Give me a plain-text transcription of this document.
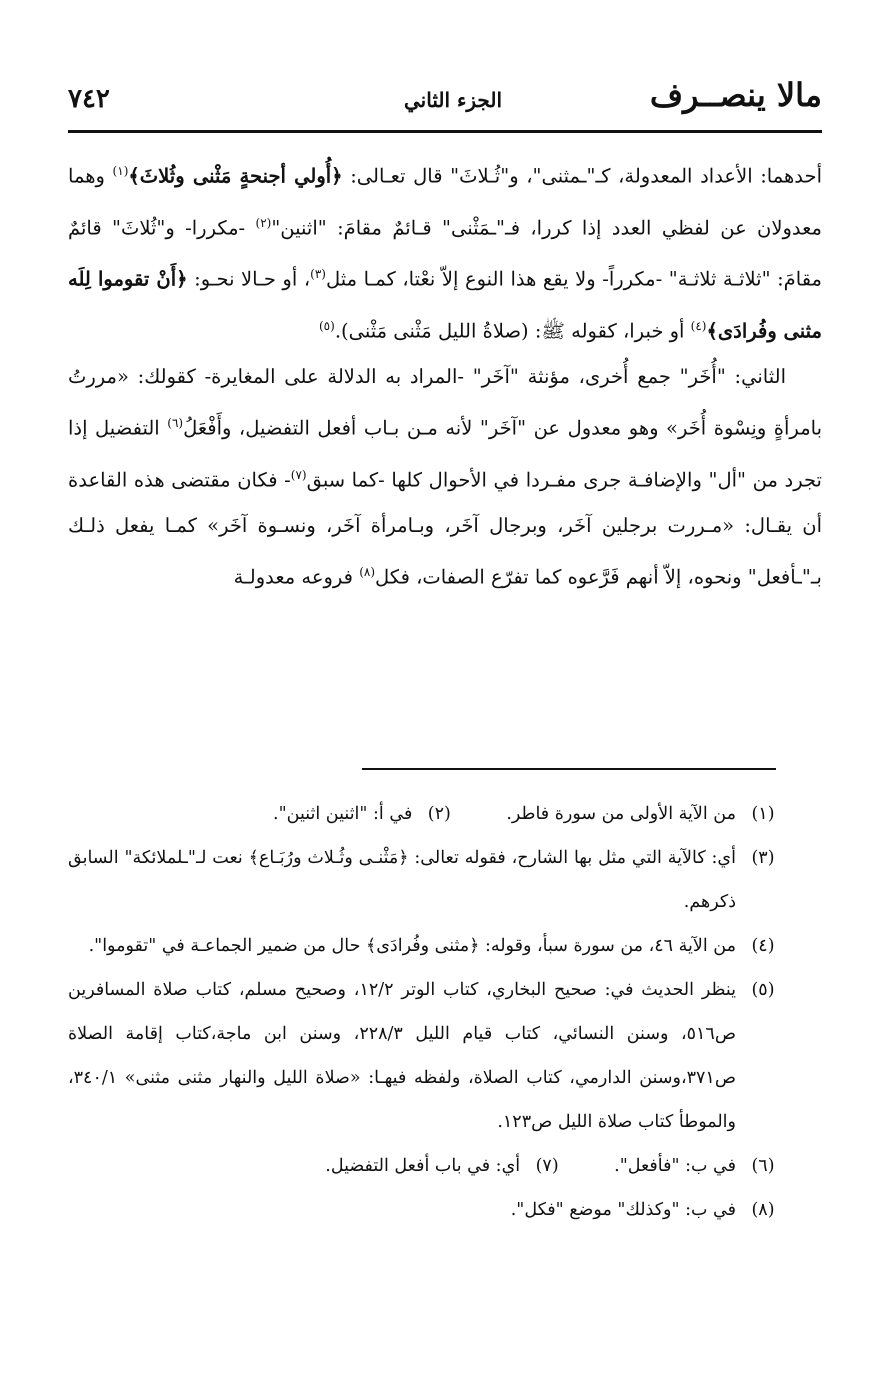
مالا ينصــرف
الجزء الثاني
٧٤٢

أحدهما: الأعداد المعدولة، كـ"ـمثنى"، و"ثُـلاثَ" قال تعـالى: ﴿أُولي أجنحةٍ مَثْنى وثُلاثَ﴾$^{(١)}$ وهما معدولان عن لفظي العدد إذا كررا، فـ"ـمَثْنى" قـائمٌ مقامَ: "اثنين"$^{(٢)}$ -مكررا- و"ثُلاثَ" قائمٌ مقامَ: "ثلاثـة ثلاثـة" -مكرراً- ولا يقع هذا النوع إلاّ نعْتا، كمـا مثل$^{(٣)}$، أو حـالا نحـو: ﴿أَنْ تقوموا لِلَه مثنى وفُرادَى﴾$^{(٤)}$ أو خبرا، كقوله ﷺ: (صلاةُ الليل مَثْنى مَثْنى).$^{(٥)}$

الثاني: "أُخَر" جمع أُخرى، مؤنثة "آخَر" -المراد به الدلالة على المغايرة- كقولك: «مررتُ بامرأةٍ ونِسْوة أُخَر» وهو معدول عن "آخَر" لأنه مـن بـاب أفعل التفضيل، وأَفْعَلُ$^{(٦)}$ التفضيل إذا تجرد من "أل" والإضافـة جرى مفـردا في الأحوال كلها -كما سبق$^{(٧)}$- فكان مقتضى هذه القاعدة أن يقـال: «مـررت برجلين آخَر، وبرجال آخَر، وبـامرأة آخَر، ونسـوة آخَر» كمـا يفعل ذلـك بـ"ـأفعل" ونحوه، إلاّ أنهم فَرَّعوه كما تفرّع الصفات، فكل$^{(٨)}$ فروعه معدولـة

(١)
من الآية الأولى من سورة فاطر.
(٢)
في أ: "اثنين اثنين".
(٣)
أي: كالآية التي مثل بها الشارح، فقوله تعالى: ﴿مَثْنـى وثُـلاث ورُبَـاع﴾ نعت لـ"ـلملائكة" السابق ذكرهم.
(٤)
من الآية ٤٦، من سورة سبأ، وقوله: ﴿مثنى وفُرادَى﴾ حال من ضمير الجماعـة في "تقوموا".
(٥)
ينظر الحديث في: صحيح البخاري، كتاب الوتر ١٢/٢، وصحيح مسلم، كتاب صلاة المسافرين ص٥١٦، وسنن النسائي، كتاب قيام الليل ٢٢٨/٣، وسنن ابن ماجة،كتاب إقامة الصلاة ص٣٧١،وسنن الدارمي، كتاب الصلاة، ولفظه فيهـا: «صلاة الليل والنهار مثنى مثنى» ٣٤٠/١، والموطأ كتاب صلاة الليل ص١٢٣.
(٦)
في ب: "فأفعل".
(٧)
أي: في باب أفعل التفضيل.
(٨)
في ب: "وكذلك" موضع "فكل".
